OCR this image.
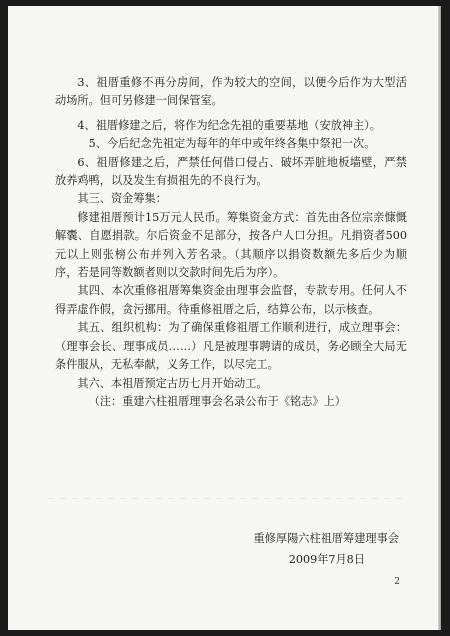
3、祖厝重修不再分房间，作为较大的空间，以便今后作为大型活动场所。但可另修建一间保管室。

4、祖厝修建之后，将作为纪念先祖的重要基地（安放神主）。

5、今后纪念先祖定为每年的年中或年终各集中祭祀一次。

6、祖厝修建之后，严禁任何借口侵占、破坏弄脏地板墙壁，严禁放养鸡鸭，以及发生有损祖先的不良行为。

其三、资金筹集：

修建祖厝预计15万元人民币。筹集资金方式：首先由各位宗亲慷慨解囊、自愿捐款。尔后资金不足部分，按各户人口分担。凡捐资者500元以上则张榜公布并列入芳名录。（其顺序以捐资数额先多后少为顺序，若是同等数额者则以交款时间先后为序）。

其四、本次重修祖厝筹集资金由理事会监督，专款专用。任何人不得弄虚作假，贪污挪用。待重修祖厝之后，结算公布，以示核查。

其五、组织机构：为了确保重修祖厝工作顺利进行，成立理事会：（理事会长、理事成员……）凡是被理事聘请的成员，务必顾全大局无条件服从，无私奉献，义务工作，以尽完工。

其六、本祖厝预定古历七月开始动工。

（注：重建六柱祖厝理事会名录公布于《铭志》上）

重修厚陽六柱祖厝筹建理事会
2009年7月8日
2
